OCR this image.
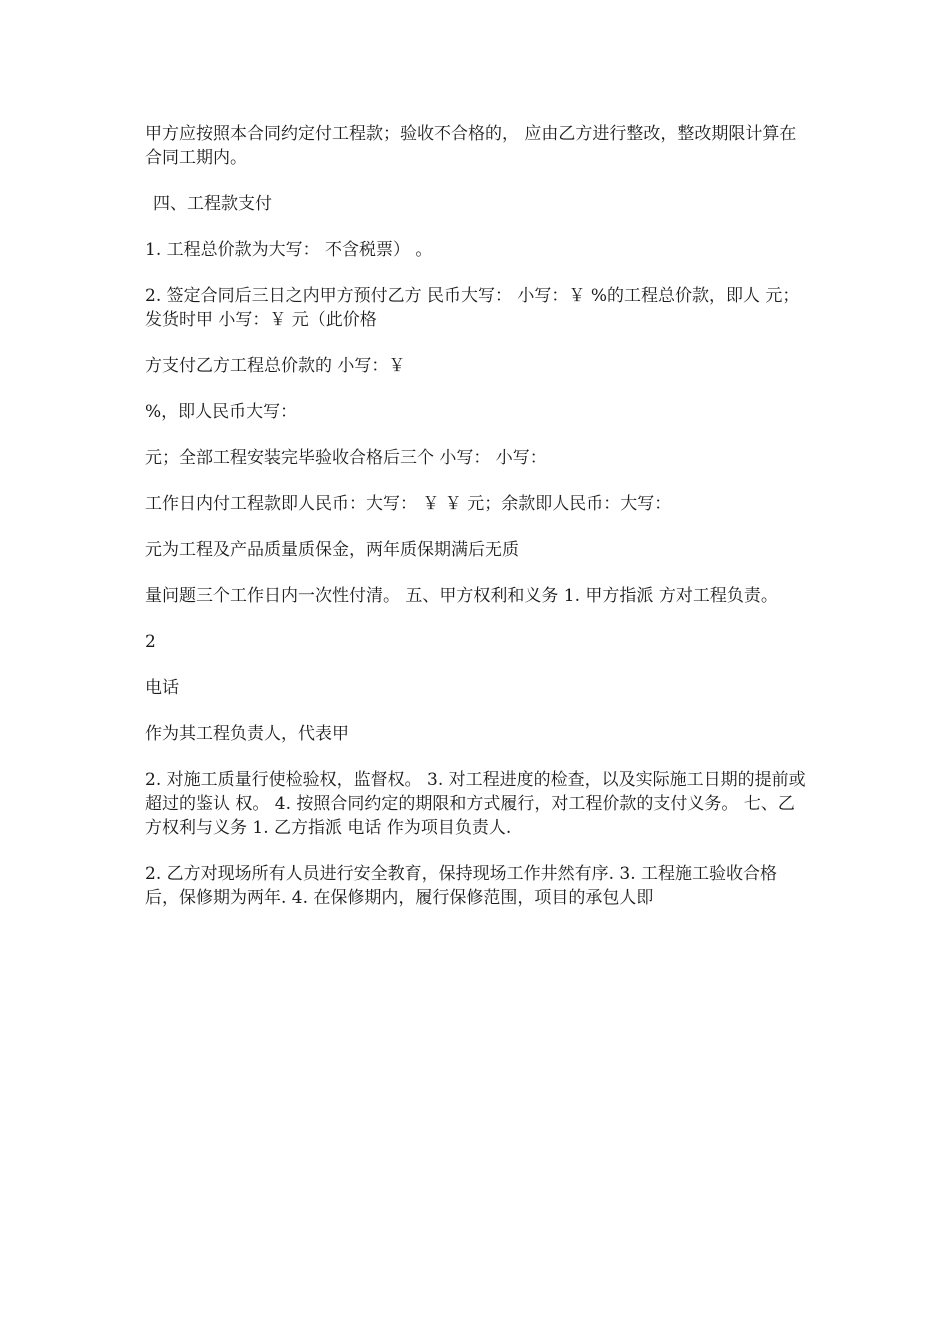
甲方应按照本合同约定付工程款；验收不合格的， 应由乙方进行整改，整改期限计算在合同工期内。

四、工程款支付

1. 工程总价款为大写： 不含税票） 。

2. 签定合同后三日之内甲方预付乙方 民币大写： 小写：￥ %的工程总价款，即人 元；发货时甲 小写：￥ 元（此价格

方支付乙方工程总价款的 小写：￥

%，即人民币大写：

元；全部工程安装完毕验收合格后三个 小写： 小写：

工作日内付工程款即人民币：大写： ￥ ￥ 元；余款即人民币：大写：

元为工程及产品质量质保金，两年质保期满后无质

量问题三个工作日内一次性付清。 五、甲方权利和义务 1. 甲方指派 方对工程负责。

2

电话

作为其工程负责人，代表甲

2. 对施工质量行使检验权，监督权。 3. 对工程进度的检查，以及实际施工日期的提前或超过的鉴认 权。 4. 按照合同约定的期限和方式履行，对工程价款的支付义务。 七、乙方权利与义务 1. 乙方指派 电话 作为项目负责人.

2. 乙方对现场所有人员进行安全教育，保持现场工作井然有序. 3. 工程施工验收合格后，保修期为两年. 4. 在保修期内，履行保修范围，项目的承包人即
